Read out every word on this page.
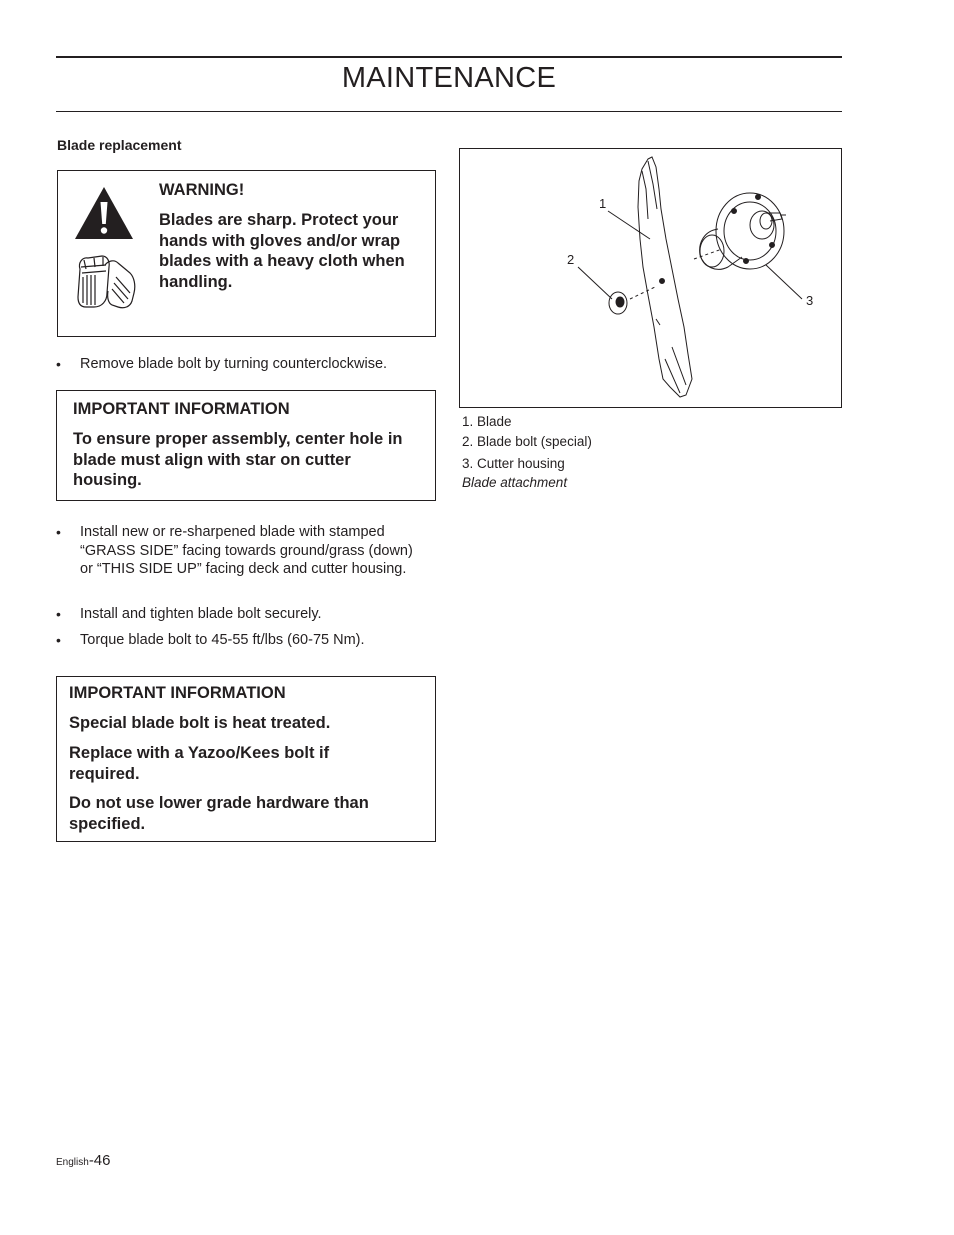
MAINTENANCE
Blade replacement
WARNING!
Blades are sharp. Protect your hands with gloves and/or wrap blades with a heavy cloth when handling.
• Remove blade bolt by turning counterclockwise.
IMPORTANT INFORMATION
To ensure proper assembly, center hole in blade must align with star on cutter housing.
• Install new or re-sharpened blade with stamped “GRASS SIDE” facing towards ground/grass (down) or “THIS SIDE UP” facing deck and cutter housing.
• Install and tighten blade bolt securely.
• Torque blade bolt to 45-55 ft/lbs (60-75 Nm).
IMPORTANT INFORMATION
Special blade bolt is heat treated.
Replace with a Yazoo/Kees bolt if required.
Do not use lower grade hardware than specified.
1
2
3
1. Blade
2. Blade bolt (special)
3. Cutter housing
Blade attachment
English-46
